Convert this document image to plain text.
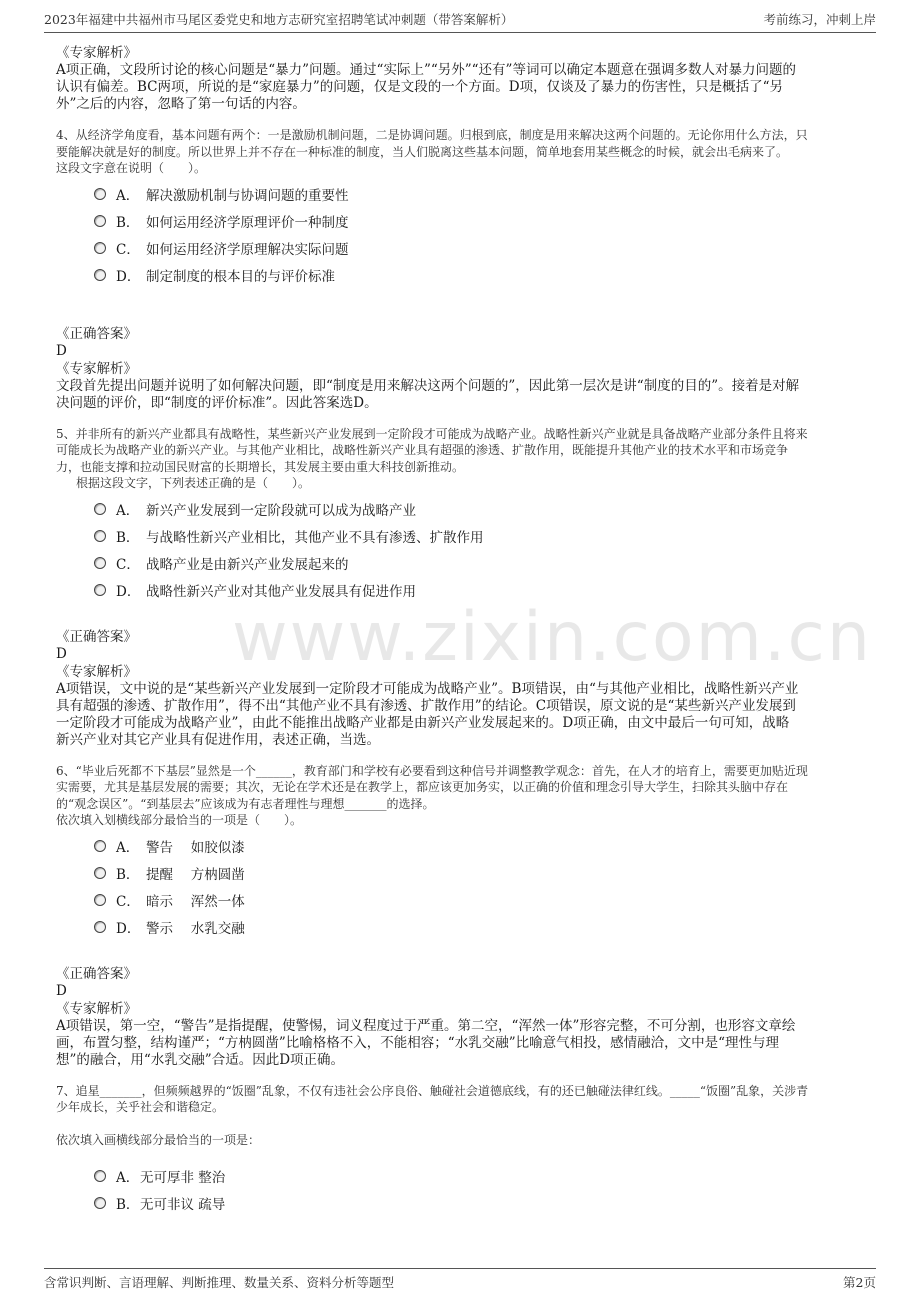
2023年福建中共福州市马尾区委党史和地方志研究室招聘笔试冲刺题（带答案解析）	考前练习，冲刺上岸
www.zixin.com.cn
《专家解析》
A项正确，文段所讨论的核心问题是“暴力”问题。通过“实际上”“另外”“还有”等词可以确定本题意在强调多数人对暴力问题的
认识有偏差。BC两项，所说的是“家庭暴力”的问题，仅是文段的一个方面。D项，仅谈及了暴力的伤害性，只是概括了“另
外”之后的内容，忽略了第一句话的内容。
4、从经济学角度看，基本问题有两个：一是激励机制问题，二是协调问题。归根到底，制度是用来解决这两个问题的。无论你用什么方法，只
要能解决就是好的制度。所以世界上并不存在一种标准的制度，当人们脱离这些基本问题，简单地套用某些概念的时候，就会出毛病来了。
这段文字意在说明（　　）。
A． 解决激励机制与协调问题的重要性
B． 如何运用经济学原理评价一种制度
C． 如何运用经济学原理解决实际问题
D． 制定制度的根本目的与评价标准
《正确答案》
D
《专家解析》
文段首先提出问题并说明了如何解决问题，即“制度是用来解决这两个问题的”，因此第一层次是讲“制度的目的”。接着是对解
决问题的评价，即“制度的评价标准”。因此答案选D。
5、并非所有的新兴产业都具有战略性，某些新兴产业发展到一定阶段才可能成为战略产业。战略性新兴产业就是具备战略产业部分条件且将来
可能成长为战略产业的新兴产业。与其他产业相比，战略性新兴产业具有超强的渗透、扩散作用，既能提升其他产业的技术水平和市场竞争
力，也能支撑和拉动国民财富的长期增长，其发展主要由重大科技创新推动。
根据这段文字，下列表述正确的是（　　）。
A． 新兴产业发展到一定阶段就可以成为战略产业
B． 与战略性新兴产业相比，其他产业不具有渗透、扩散作用
C． 战略产业是由新兴产业发展起来的
D． 战略性新兴产业对其他产业发展具有促进作用
《正确答案》
D
《专家解析》
A项错误，文中说的是“某些新兴产业发展到一定阶段才可能成为战略产业”。B项错误，由“与其他产业相比，战略性新兴产业
具有超强的渗透、扩散作用”，得不出“其他产业不具有渗透、扩散作用”的结论。C项错误，原文说的是“某些新兴产业发展到
一定阶段才可能成为战略产业”，由此不能推出战略产业都是由新兴产业发展起来的。D项正确，由文中最后一句可知，战略
新兴产业对其它产业具有促进作用，表述正确，当选。
6、“毕业后死都不下基层”显然是一个______，教育部门和学校有必要看到这种信号并调整教学观念：首先，在人才的培育上，需要更加贴近现
实需要，尤其是基层发展的需要；其次，无论在学术还是在教学上，都应该更加务实，以正确的价值和理念引导大学生，扫除其头脑中存在
的“观念误区”。“到基层去”应该成为有志者理性与理想_______的选择。
依次填入划横线部分最恰当的一项是（　　）。
A． 警告　 如胶似漆
B． 提醒　 方枘圆凿
C． 暗示　 浑然一体
D． 警示　 水乳交融
《正确答案》
D
《专家解析》
A项错误，第一空，“警告”是指提醒，使警惕，词义程度过于严重。第二空，“浑然一体”形容完整，不可分割，也形容文章绘
画，布置匀整，结构谨严；“方枘圆凿”比喻格格不入，不能相容；“水乳交融”比喻意气相投，感情融洽，文中是“理性与理
想”的融合，用“水乳交融”合适。因此D项正确。
7、追星_______，但频频越界的“饭圈”乱象，不仅有违社会公序良俗、触碰社会道德底线，有的还已触碰法律红线。_____“饭圈”乱象，关涉青
少年成长，关乎社会和谐稳定。
依次填入画横线部分最恰当的一项是：
A． 无可厚非 整治
B． 无可非议 疏导
含常识判断、言语理解、判断推理、数量关系、资料分析等题型	第2页
